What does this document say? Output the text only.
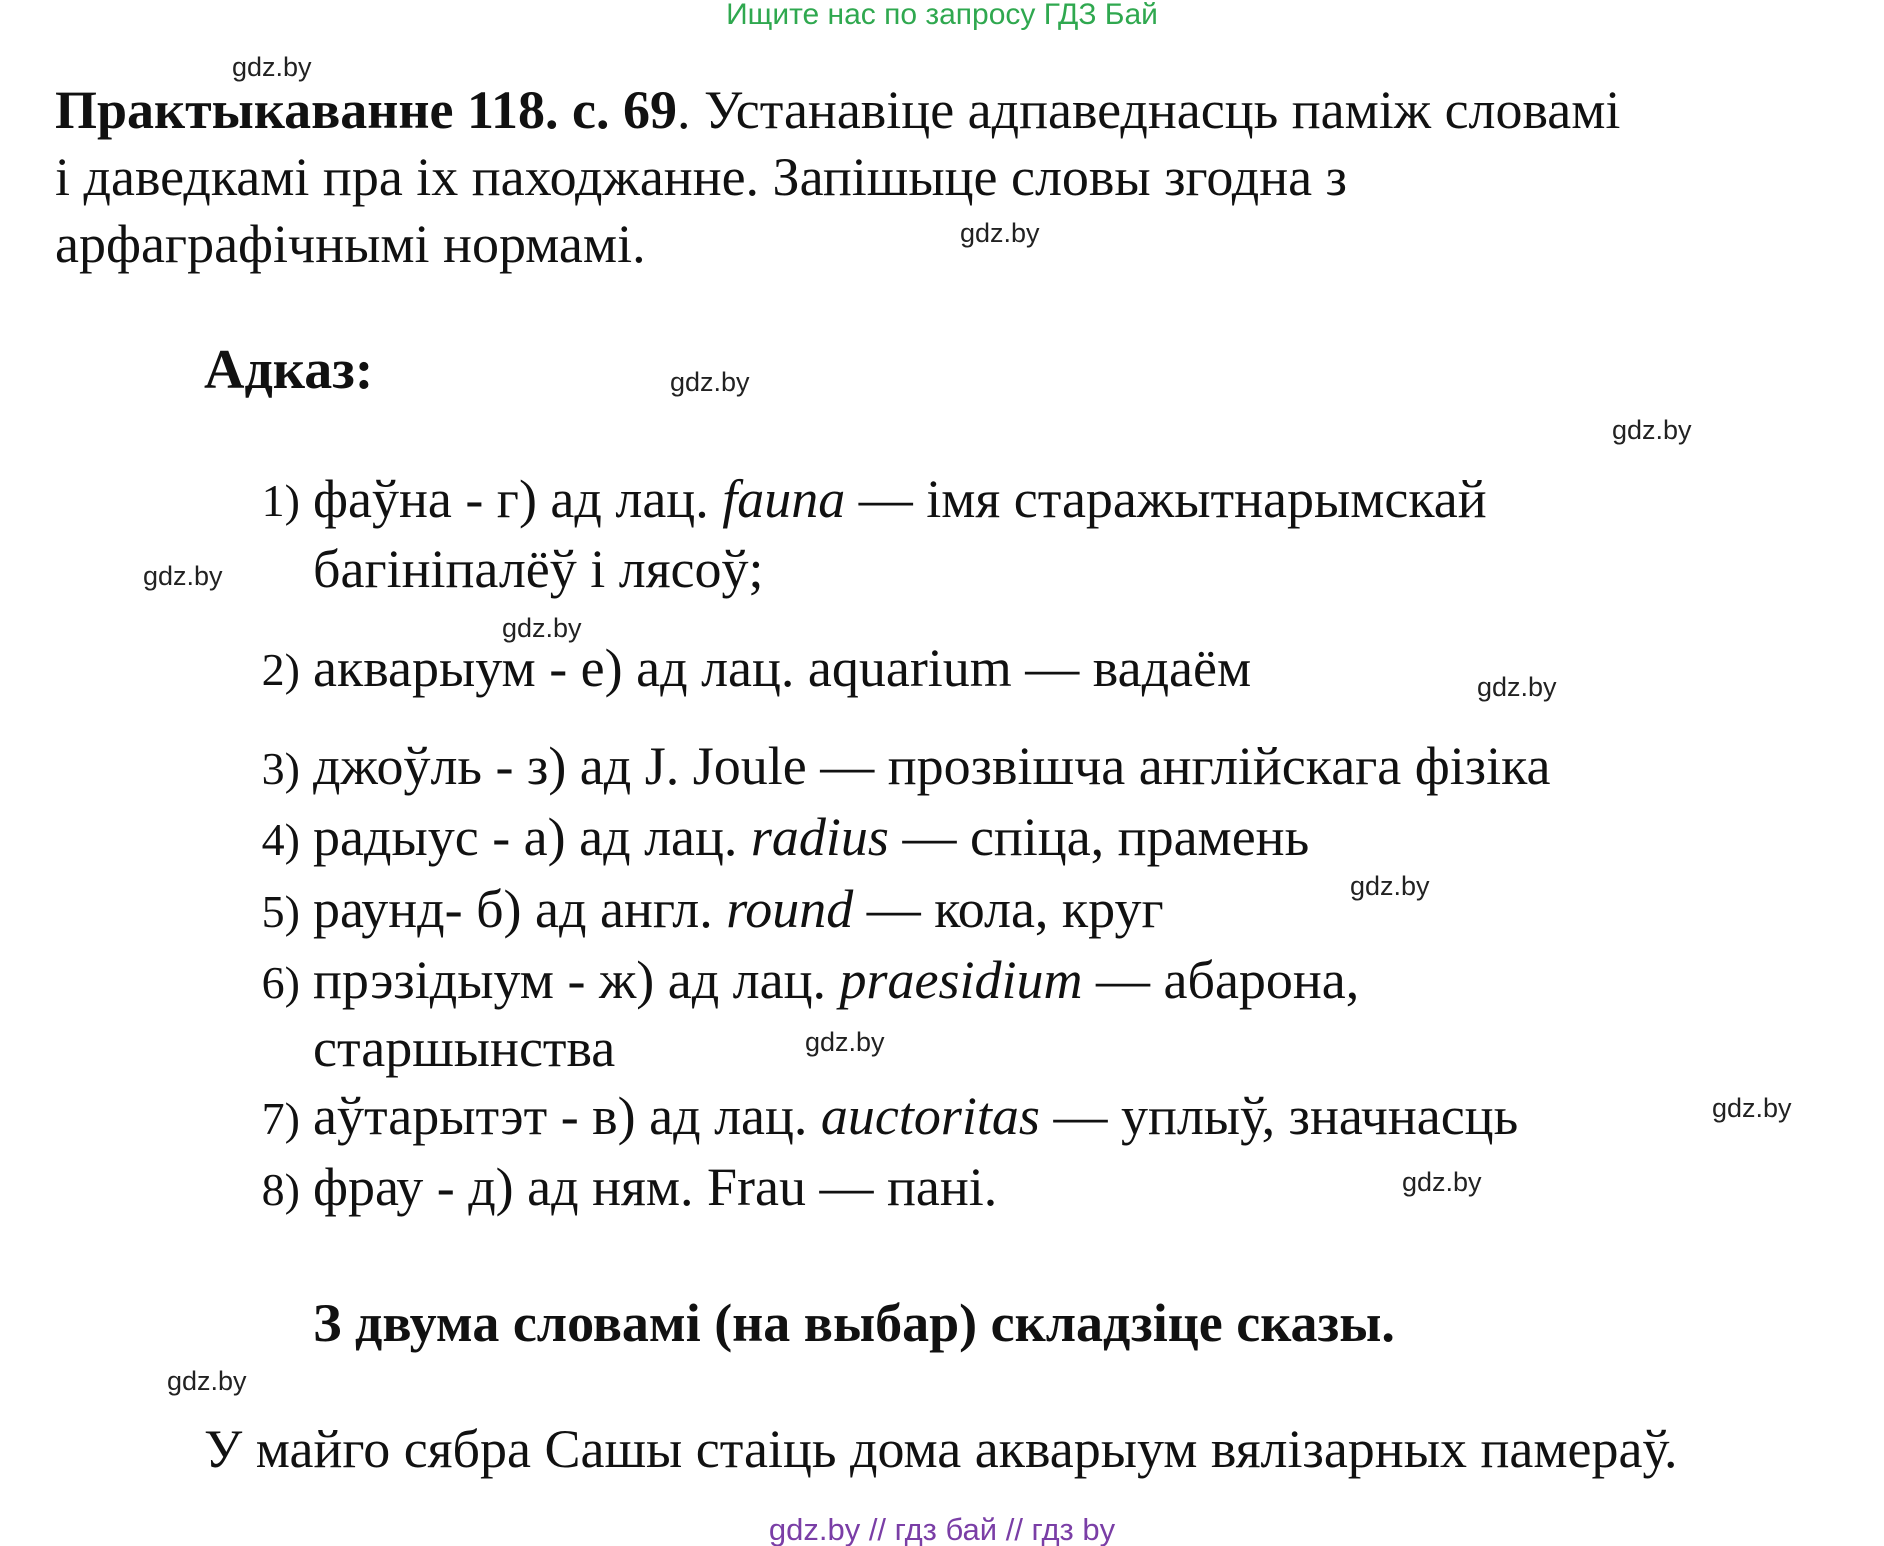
Ищите нас по запросу ГДЗ Бай
gdz.by
gdz.by
gdz.by
gdz.by
gdz.by
gdz.by
gdz.by
gdz.by
gdz.by
gdz.by
gdz.by
gdz.by
Практыкаванне 118. с. 69. Устанавіце адпаведнасць паміж словамі
і даведкамі пра іх паходжанне. Запішыце словы згодна з
арфаграфічнымі нормамі.
Адказ:
1) фаўна - г) ад лац. fauna — імя старажытнарымскай
багініпалёў і лясоў;
2) акварыум - е) ад лац. aquarium — вадаём
3) джоўль - з) ад J. Joule — прозвішча англійскага фізіка
4) радыус - а) ад лац. radius — спіца, прамень
5) раунд- б) ад англ. round — кола, круг
6) прэзідыум - ж) ад лац. praesidium — абарона,
старшынства
7) аўтарытэт - в) ад лац. auctoritas — уплыў, значнасць
8) фрау - д) ад ням. Frau — пані.
З двума словамі (на выбар) складзіце сказы.
У майго сябра Сашы стаіць дома акварыум вялізарных памераў.
gdz.by // гдз бай // гдз by
